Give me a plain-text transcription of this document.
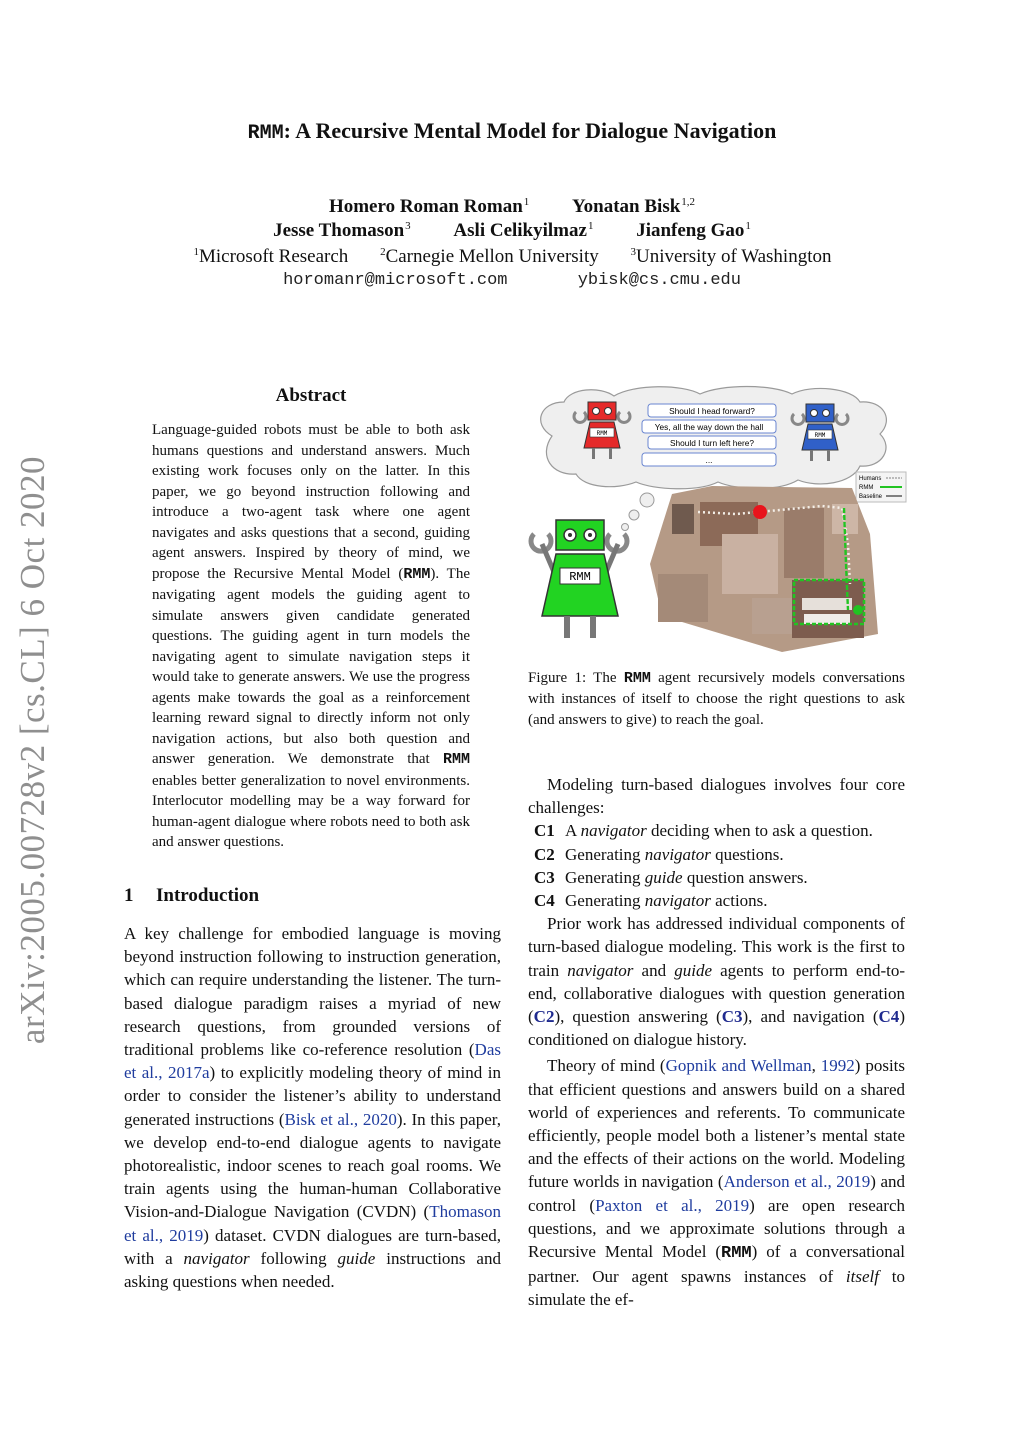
arXiv:2005.00728v2 [cs.CL] 6 Oct 2020
RMM: A Recursive Mental Model for Dialogue Navigation
Homero Roman Roman$^1$ Yonatan Bisk$^{1,2}$
Jesse Thomason$^3$ Asli Celikyilmaz$^1$ Jianfeng Gao$^1$
$^1$Microsoft Research	$^2$Carnegie Mellon University	$^3$University of Washington
horomanr@microsoft.com	ybisk@cs.cmu.edu
Abstract
Language-guided robots must be able to both ask humans questions and understand answers. Much existing work focuses only on the latter. In this paper, we go beyond instruction following and introduce a two-agent task where one agent navigates and asks questions that a second, guiding agent answers. Inspired by theory of mind, we propose the Recursive Mental Model (RMM). The navigating agent models the guiding agent to simulate answers given candidate generated questions. The guiding agent in turn models the navigating agent to simulate navigation steps it would take to generate answers. We use the progress agents make towards the goal as a reinforcement learning reward signal to directly inform not only navigation actions, but also both question and answer generation. We demonstrate that RMM enables better generalization to novel environments. Interlocutor modelling may be a way forward for human-agent dialogue where robots need to both ask and answer questions.
1 Introduction

A key challenge for embodied language is moving beyond instruction following to instruction generation, which can require understanding the listener. The turn-based dialogue paradigm raises a myriad of new research questions, from grounded versions of traditional problems like co-reference resolution (Das et al., 2017a) to explicitly modeling theory of mind in order to consider the listener’s ability to understand generated instructions (Bisk et al., 2020). In this paper, we develop end-to-end dialogue agents to navigate photorealistic, indoor scenes to reach goal rooms. We train agents using the human-human Collaborative Vision-and-Dialogue Navigation (CVDN) (Thomason et al., 2019) dataset. CVDN dialogues are turn-based, with a navigator following guide instructions and asking questions when needed.

RMM	RMM
Should I head forward?
Yes, all the way down the hall
Should I turn left here?
...
Humans
RMM
Baseline
RMM
Figure 1: The RMM agent recursively models conversations with instances of itself to choose the right questions to ask (and answers to give) to reach the goal.

Modeling turn-based dialogues involves four core challenges:

C1 A navigator deciding when to ask a question.
C2 Generating navigator questions.
C3 Generating guide question answers.
C4 Generating navigator actions.

Prior work has addressed individual components of turn-based dialogue modeling. This work is the first to train navigator and guide agents to perform end-to-end, collaborative dialogues with question generation (C2), question answering (C3), and navigation (C4) conditioned on dialogue history.

Theory of mind (Gopnik and Wellman, 1992) posits that efficient questions and answers build on a shared world of experiences and referents. To communicate efficiently, people model both a listener’s mental state and the effects of their actions on the world. Modeling future worlds in navigation (Anderson et al., 2019) and control (Paxton et al., 2019) are open research questions, and we approximate solutions through a Recursive Mental Model (RMM) of a conversational partner. Our agent spawns instances of itself to simulate the ef-
